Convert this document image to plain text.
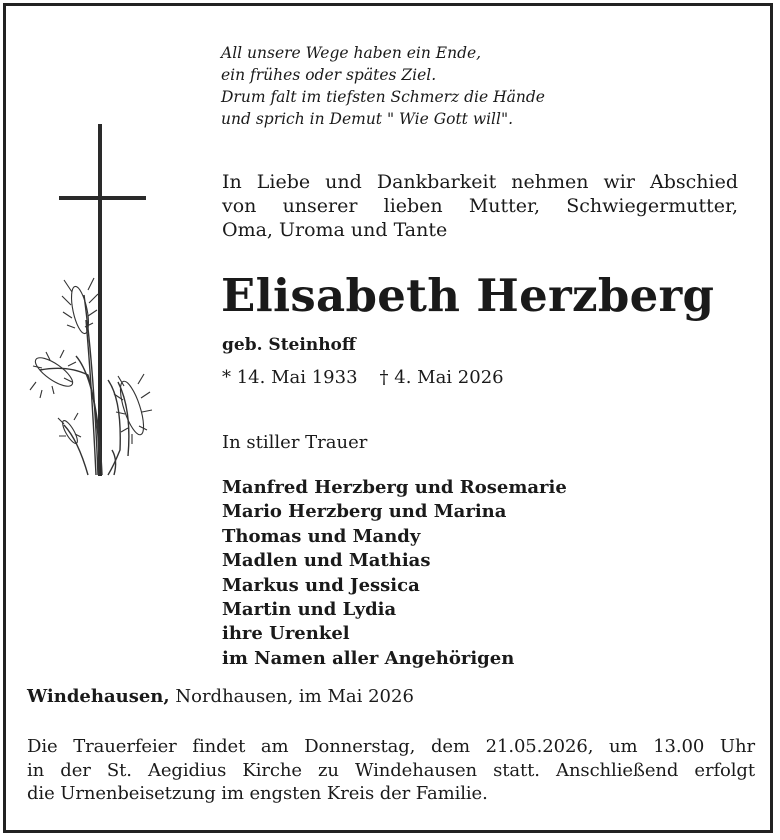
All unsere Wege haben ein Ende,
ein frühes oder spätes Ziel.
Drum falt im tiefsten Schmerz die Hände
und sprich in Demut " Wie Gott will".
In Liebe und Dankbarkeit nehmen wir Abschied
von unserer lieben Mutter, Schwiegermutter,
Oma, Uroma und Tante
Elisabeth Herzberg
geb. Steinhoff
* 14. Mai 1933 † 4. Mai 2026
In stiller Trauer
Manfred Herzberg und Rosemarie
Mario Herzberg und Marina
Thomas und Mandy
Madlen und Mathias
Markus und Jessica
Martin und Lydia
ihre Urenkel
im Namen aller Angehörigen
Windehausen, Nordhausen, im Mai 2026
Die Trauerfeier findet am Donnerstag, dem 21.05.2026, um 13.00 Uhr
in der St. Aegidius Kirche zu Windehausen statt. Anschließend erfolgt
die Urnenbeisetzung im engsten Kreis der Familie.
